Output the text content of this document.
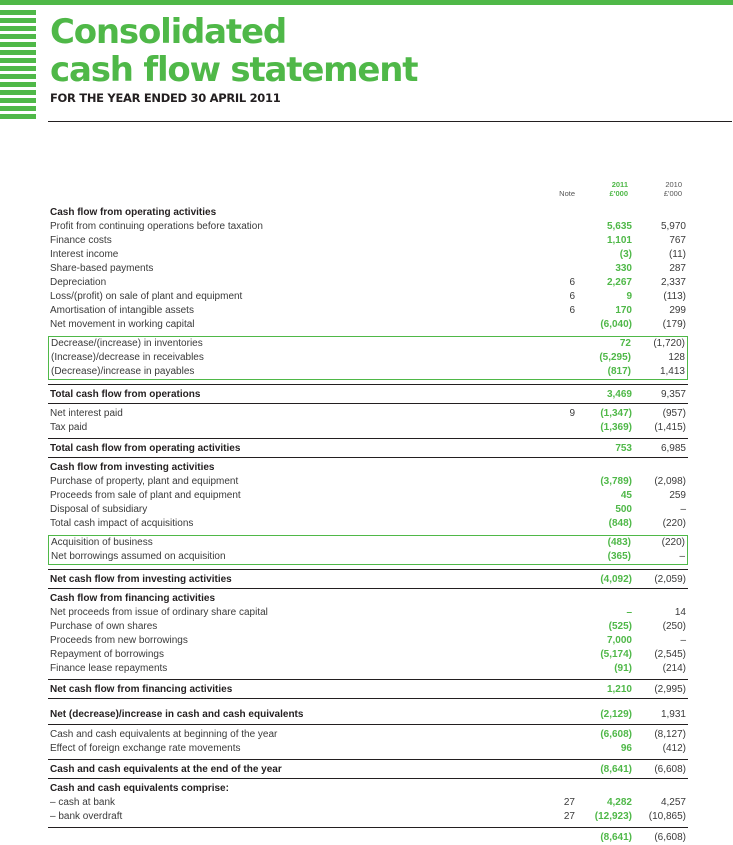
Consolidated
cash flow statement
FOR THE YEAR ENDED 30 APRIL 2011
Note
2011
£'000
2010
£'000
Cash flow from operating activities
Profit from continuing operations before taxation	5,635	5,970
Finance costs	1,101	767
Interest income	(3)	(11)
Share-based payments	330	287
Depreciation	6	2,267	2,337
Loss/(profit) on sale of plant and equipment	6	9	(113)
Amortisation of intangible assets	6	170	299
Net movement in working capital	(6,040)	(179)
Decrease/(increase) in inventories	72	(1,720)
(Increase)/decrease in receivables	(5,295)	128
(Decrease)/increase in payables	(817)	1,413
Total cash flow from operations	3,469	9,357
Net interest paid	9	(1,347)	(957)
Tax paid	(1,369)	(1,415)
Total cash flow from operating activities	753	6,985
Cash flow from investing activities
Purchase of property, plant and equipment	(3,789)	(2,098)
Proceeds from sale of plant and equipment	45	259
Disposal of subsidiary	500	–
Total cash impact of acquisitions	(848)	(220)
Acquisition of business	(483)	(220)
Net borrowings assumed on acquisition	(365)	–
Net cash flow from investing activities	(4,092)	(2,059)
Cash flow from financing activities
Net proceeds from issue of ordinary share capital	–	14
Purchase of own shares	(525)	(250)
Proceeds from new borrowings	7,000	–
Repayment of borrowings	(5,174)	(2,545)
Finance lease repayments	(91)	(214)
Net cash flow from financing activities	1,210	(2,995)
Net (decrease)/increase in cash and cash equivalents	(2,129)	1,931
Cash and cash equivalents at beginning of the year	(6,608)	(8,127)
Effect of foreign exchange rate movements	96	(412)
Cash and cash equivalents at the end of the year	(8,641)	(6,608)
Cash and cash equivalents comprise:
– cash at bank	27	4,282	4,257
– bank overdraft	27	(12,923)	(10,865)
(8,641)	(6,608)
